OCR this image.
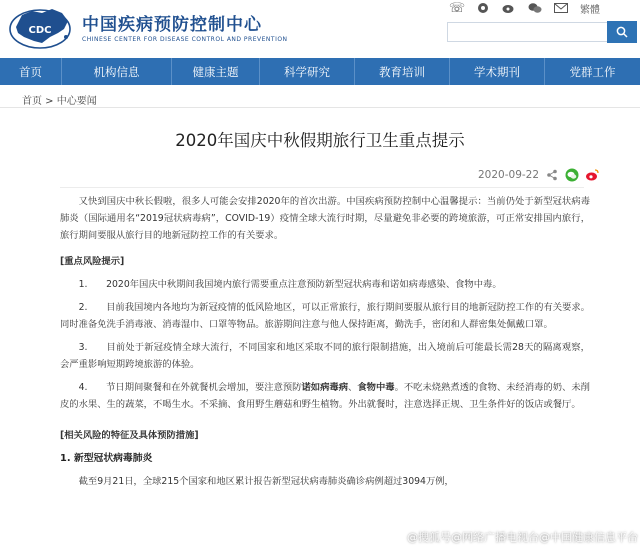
CDC 中国疾病预防控制中心
CHINESE CENTER FOR DISEASE CONTROL AND PREVENTION
☏	繁體
首页	机构信息	健康主题	科学研究	教育培训	学术期刊	党群工作
首页 > 中心要闻
2020年国庆中秋假期旅行卫生重点提示
2020-09-22

又快到国庆中秋长假啦，很多人可能会安排2020年的首次出游。中国疾病预防控制中心温馨提示：当前仍处于新型冠状病毒肺炎（国际通用名“2019冠状病毒病”，COVID-19）疫情全球大流行时期，尽量避免非必要的跨境旅游，可正常安排国内旅行，旅行期间要服从旅行目的地新冠防控工作的有关要求。

[重点风险提示]

1.　　 2020年国庆中秋期间我国境内旅行需要重点注意预防新型冠状病毒和诺如病毒感染、食物中毒。

2.　　 目前我国境内各地均为新冠疫情的低风险地区，可以正常旅行，旅行期间要服从旅行目的地新冠防控工作的有关要求。同时准备免洗手消毒液、消毒湿巾、口罩等物品。旅游期间注意与他人保持距离，勤洗手，密闭和人群密集处佩戴口罩。

3.　　 目前处于新冠疫情全球大流行，不同国家和地区采取不同的旅行限制措施，出入境前后可能最长需28天的隔离观察，会严重影响短期跨境旅游的体验。

4.　　 节日期间聚餐和在外就餐机会增加，要注意预防诺如病毒病、食物中毒。不吃未烧熟煮透的食物、未经消毒的奶、未削皮的水果、生的蔬菜，不喝生水。不采摘、食用野生蘑菇和野生植物。外出就餐时，注意选择正规、卫生条件好的饭店或餐厅。

[相关风险的特征及具体预防措施]

1. 新型冠状病毒肺炎

截至9月21日，全球215个国家和地区累计报告新型冠状病毒肺炎确诊病例超过3094万例，

@搜狐号@网络广播电视台@中国健康信息平台
